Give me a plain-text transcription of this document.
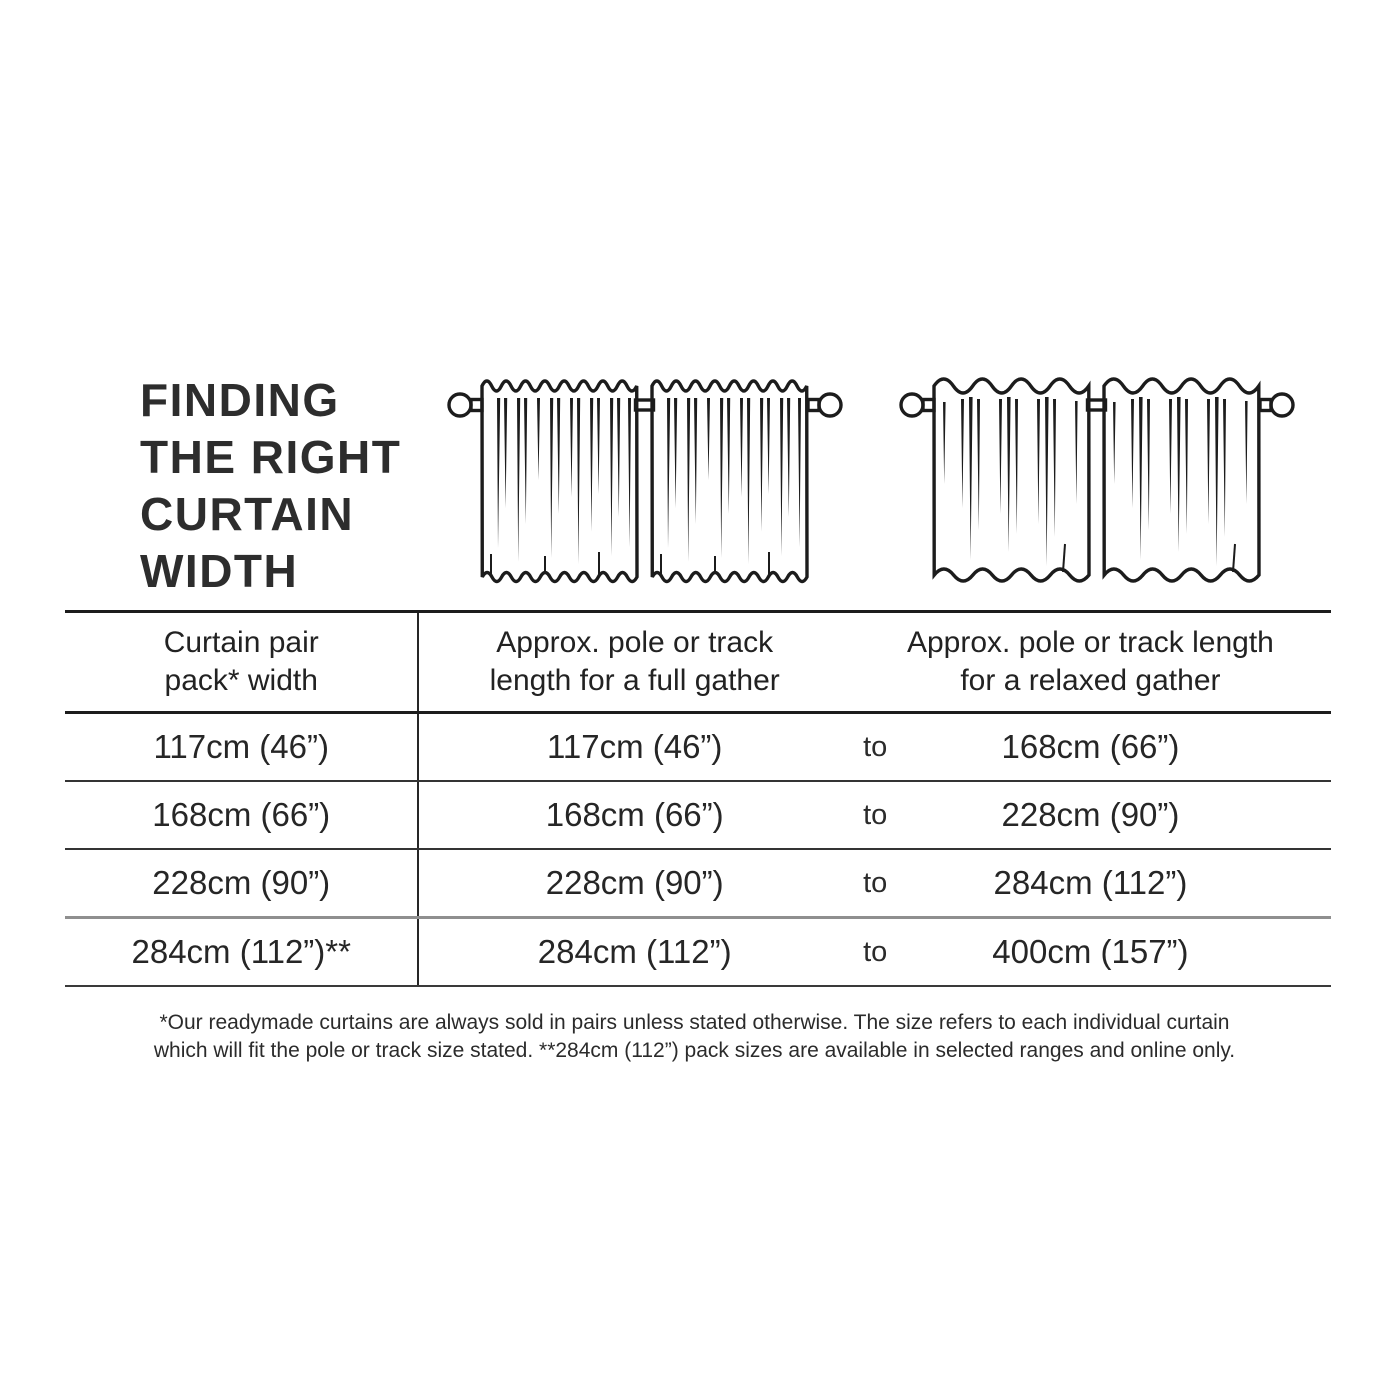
FINDING
THE RIGHT
CURTAIN
WIDTH
Curtain pair
pack* width
Approx. pole or track
length for a full gather
Approx. pole or track length
for a relaxed gather
117cm (46”)	117cm (46”)	to	168cm (66”)
168cm (66”)	168cm (66”)	to	228cm (90”)
228cm (90”)	228cm (90”)	to	284cm (112”)
284cm (112”)**	284cm (112”)	to	400cm (157”)

*Our readymade curtains are always sold in pairs unless stated otherwise. The size refers to each individual curtain
which will fit the pole or track size stated. **284cm (112”) pack sizes are available in selected ranges and online only.
